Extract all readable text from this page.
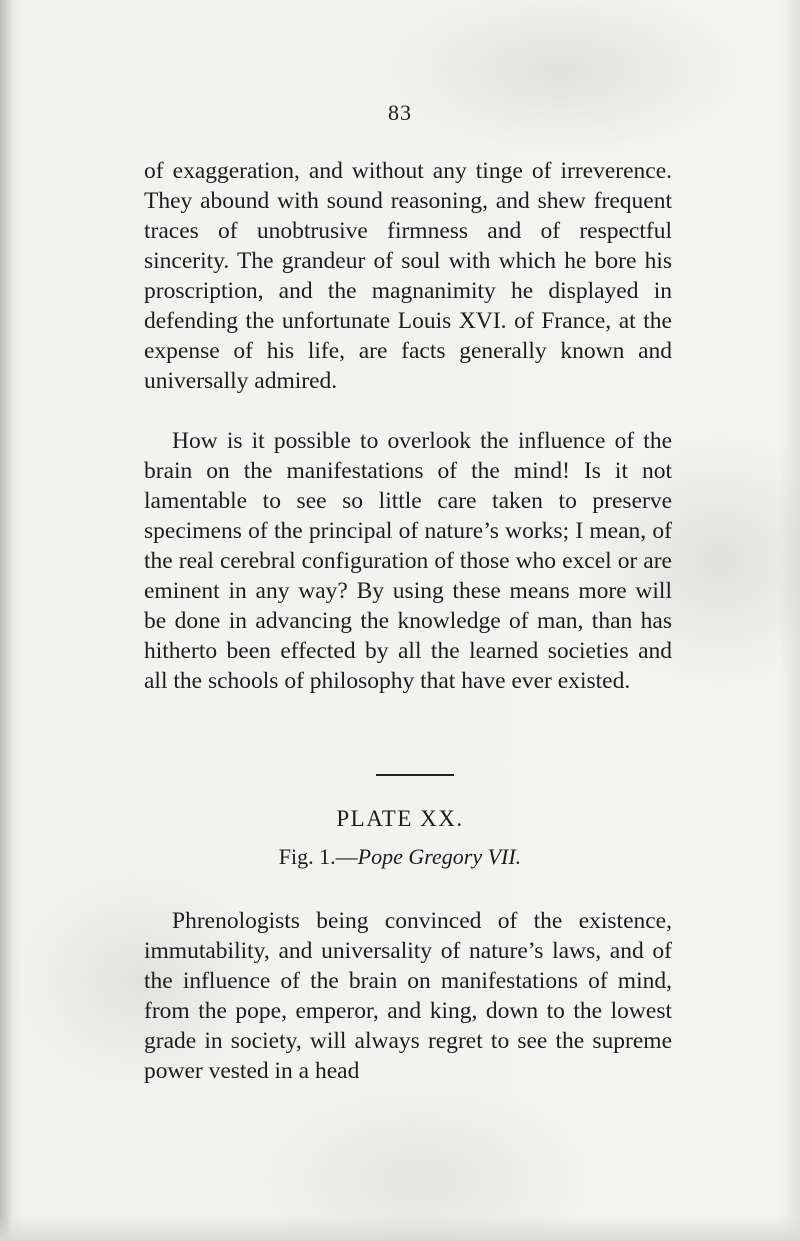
83
of exaggeration, and without any tinge of irreverence. They abound with sound reasoning, and shew frequent traces of unobtrusive firmness and of respectful sincerity. The grandeur of soul with which he bore his proscription, and the magnanimity he displayed in defending the unfortunate Louis XVI. of France, at the expense of his life, are facts generally known and universally admired.
How is it possible to overlook the influence of the brain on the manifestations of the mind! Is it not lamentable to see so little care taken to preserve specimens of the principal of nature’s works; I mean, of the real cerebral configuration of those who excel or are eminent in any way? By using these means more will be done in advancing the knowledge of man, than has hitherto been effected by all the learned societies and all the schools of philosophy that have ever existed.
PLATE XX.
Fig. 1.—Pope Gregory VII.
Phrenologists being convinced of the existence, immutability, and universality of nature’s laws, and of the influence of the brain on manifestations of mind, from the pope, emperor, and king, down to the lowest grade in society, will always regret to see the supreme power vested in a head
